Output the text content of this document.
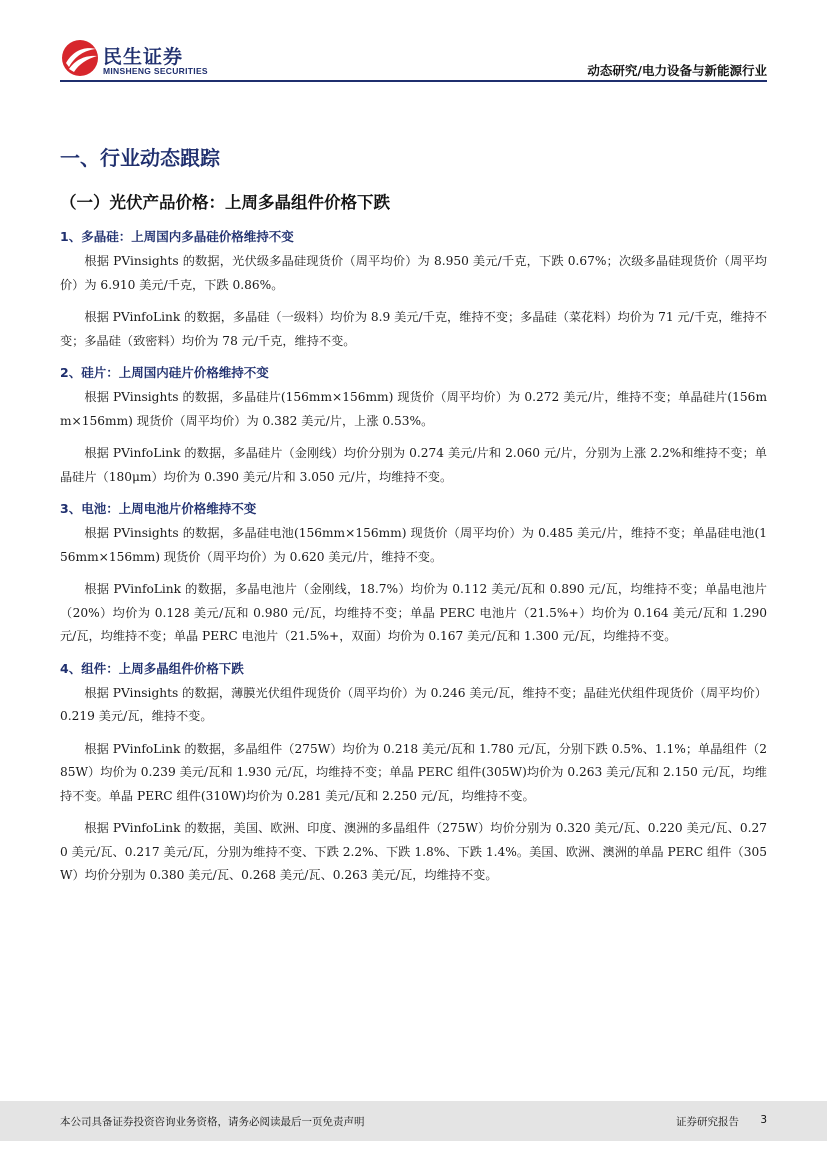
民生证券
MINSHENG SECURITIES	动态研究/电力设备与新能源行业
一、行业动态跟踪
（一）光伏产品价格：上周多晶组件价格下跌
1、多晶硅：上周国内多晶硅价格维持不变

根据 PVinsights 的数据，光伏级多晶硅现货价（周平均价）为 8.950 美元/千克，下跌 0.67%；次级多晶硅现货价（周平均价）为 6.910 美元/千克，下跌 0.86%。

根据 PVinfoLink 的数据，多晶硅（一级料）均价为 8.9 美元/千克，维持不变；多晶硅（菜花料）均价为 71 元/千克，维持不变；多晶硅（致密料）均价为 78 元/千克，维持不变。

2、硅片：上周国内硅片价格维持不变

根据 PVinsights 的数据，多晶硅片(156mm×156mm) 现货价（周平均价）为 0.272 美元/片，维持不变；单晶硅片(156mm×156mm) 现货价（周平均价）为 0.382 美元/片，上涨 0.53%。

根据 PVinfoLink 的数据，多晶硅片（金刚线）均价分别为 0.274 美元/片和 2.060 元/片，分别为上涨 2.2%和维持不变；单晶硅片（180μm）均价为 0.390 美元/片和 3.050 元/片，均维持不变。

3、电池：上周电池片价格维持不变

根据 PVinsights 的数据，多晶硅电池(156mm×156mm) 现货价（周平均价）为 0.485 美元/片，维持不变；单晶硅电池(156mm×156mm) 现货价（周平均价）为 0.620 美元/片，维持不变。

根据 PVinfoLink 的数据，多晶电池片（金刚线，18.7%）均价为 0.112 美元/瓦和 0.890 元/瓦，均维持不变；单晶电池片（20%）均价为 0.128 美元/瓦和 0.980 元/瓦，均维持不变；单晶 PERC 电池片（21.5%+）均价为 0.164 美元/瓦和 1.290 元/瓦，均维持不变；单晶 PERC 电池片（21.5%+，双面）均价为 0.167 美元/瓦和 1.300 元/瓦，均维持不变。

4、组件：上周多晶组件价格下跌

根据 PVinsights 的数据，薄膜光伏组件现货价（周平均价）为 0.246 美元/瓦，维持不变；晶硅光伏组件现货价（周平均价）0.219 美元/瓦，维持不变。

根据 PVinfoLink 的数据，多晶组件（275W）均价为 0.218 美元/瓦和 1.780 元/瓦，分别下跌 0.5%、1.1%；单晶组件（285W）均价为 0.239 美元/瓦和 1.930 元/瓦，均维持不变；单晶 PERC 组件(305W)均价为 0.263 美元/瓦和 2.150 元/瓦，均维持不变。单晶 PERC 组件(310W)均价为 0.281 美元/瓦和 2.250 元/瓦，均维持不变。

根据 PVinfoLink 的数据，美国、欧洲、印度、澳洲的多晶组件（275W）均价分别为 0.320 美元/瓦、0.220 美元/瓦、0.270 美元/瓦、0.217 美元/瓦，分别为维持不变、下跌 2.2%、下跌 1.8%、下跌 1.4%。美国、欧洲、澳洲的单晶 PERC 组件（305W）均价分别为 0.380 美元/瓦、0.268 美元/瓦、0.263 美元/瓦，均维持不变。

本公司具备证券投资咨询业务资格，请务必阅读最后一页免责声明	证券研究报告 3
